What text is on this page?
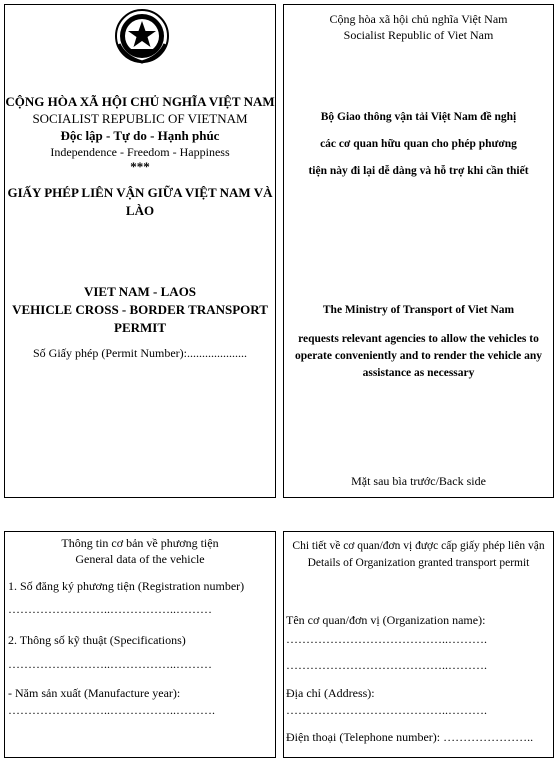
CỘNG HÒA XÃ HỘI CHỦ NGHĨA VIỆT NAM
SOCIALIST REPUBLIC OF VIETNAM
Độc lập - Tự do - Hạnh phúc
Independence - Freedom - Happiness
***
GIẤY PHÉP LIÊN VẬN GIỮA VIỆT NAM VÀ
LÀO
VIET NAM - LAOS
VEHICLE CROSS - BORDER TRANSPORT
PERMIT
Số Giấy phép (Permit Number):....................
Cộng hòa xã hội chủ nghĩa Việt Nam
Socialist Republic of Viet Nam
Bộ Giao thông vận tải Việt Nam đề nghị
các cơ quan hữu quan cho phép phương
tiện này đi lại dễ dàng và hỗ trợ khi cần thiết
The Ministry of Transport of Viet Nam
requests relevant agencies to allow the vehicles to
operate conveniently and to render the vehicle any
assistance as necessary
Mặt sau bìa trước/Back side
Thông tin cơ bản về phương tiện
General data of the vehicle
1. Số đăng ký phương tiện (Registration number)
……………………..……………..………
2. Thông số kỹ thuật (Specifications)
……………………..……………..………
- Năm sản xuất (Manufacture year):
……………………..……………..……….
Chi tiết về cơ quan/đơn vị được cấp giấy phép liên vận
Details of Organization granted transport permit
Tên cơ quan/đơn vị (Organization name):
…………………………………..……….
…………………………………..……….
Địa chỉ (Address):
…………………………………..……….
Điện thoại (Telephone number): …………………..
